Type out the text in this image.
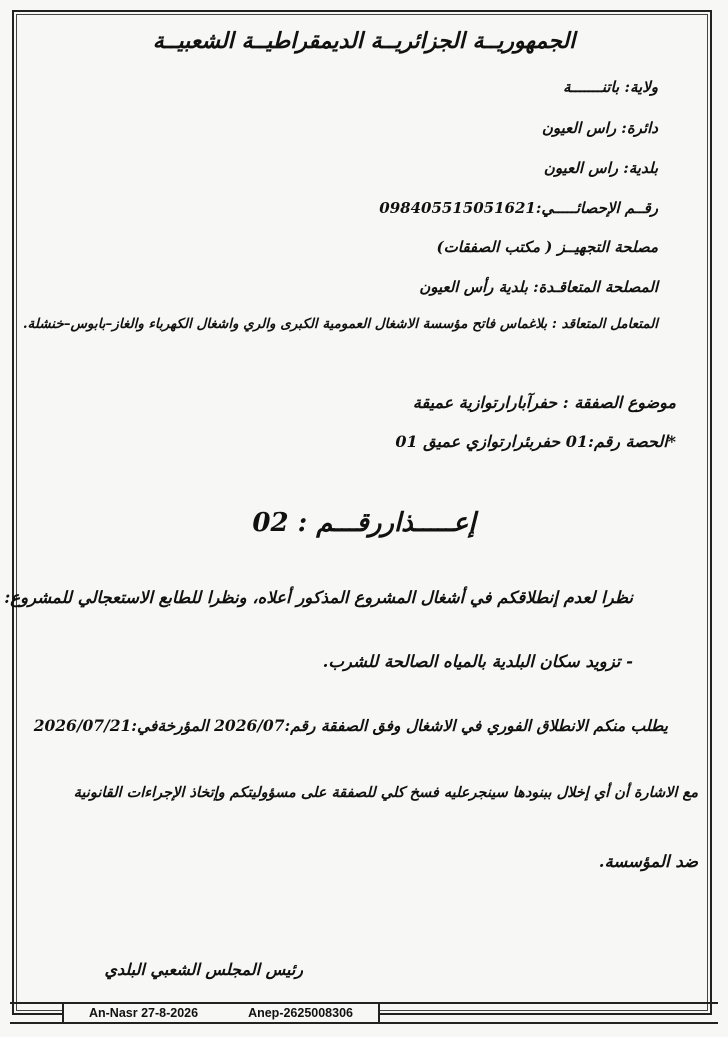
الجمهوريــة الجزائريــة الديمقراطيــة الشعبيــة
ولاية: باتنـــــــة
دائرة: راس العيون
بلدية: راس العيون
رقــم الإحصائـــــي:098405515051621
مصلحة التجهيــز ( مكتب الصفقات)
المصلحة المتعاقـدة: بلدية رأس العيون
المتعامل المتعاقد : بلاغماس فاتح مؤسسة الاشغال العمومية الكبرى والري واشغال الكهرباء والغاز–بابوس–خنشلة.
موضوع الصفقة : حفرآبارارتوازية عميقة
*الحصة رقم:01 حفربئرارتوازي عميق 01
إعـــــذاررقـــم : 02
نظرا لعدم إنطلاقكم في أشغال المشروع المذكور أعلاه، ونظرا للطابع الاستعجالي للمشروع:
- تزويد سكان البلدية بالمياه الصالحة للشرب.
يطلب منكم الانطلاق الفوري في الاشغال وفق الصفقة رقم:2026/07 المؤرخةفي:2026/07/21
مع الاشارة أن أي إخلال ببنودها سينجرعليه فسخ كلي للصفقة على مسؤوليتكم وإتخاذ الإجراءات القانونية
ضد المؤسسة.
رئيس المجلس الشعبي البلدي
An-Nasr 27-8-2026	Anep-2625008306
